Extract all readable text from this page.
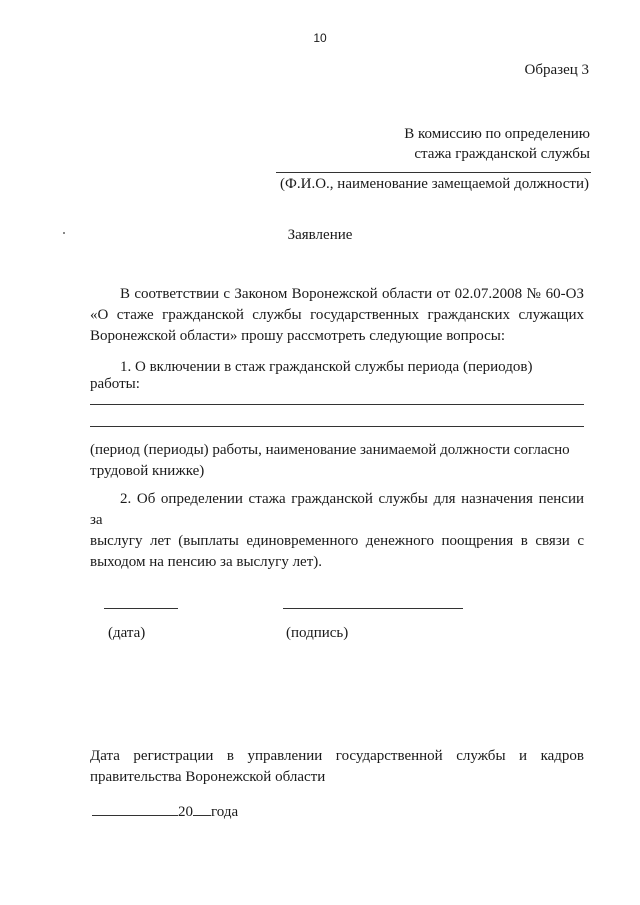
10
Образец 3
В комиссию по определению
стажа гражданской службы
(Ф.И.О., наименование замещаемой должности)
Заявление
В соответствии с Законом Воронежской области от 02.07.2008 № 60-ОЗ
«О стаже гражданской службы государственных гражданских служащих
Воронежской области» прошу рассмотреть следующие вопросы:
1. О включении в стаж гражданской службы периода (периодов) работы:
(период (периоды) работы, наименование занимаемой должности согласно
трудовой книжке)
2. Об определении стажа гражданской службы для назначения пенсии за
выслугу лет (выплаты единовременного денежного поощрения в связи с
выходом на пенсию за выслугу лет).
(дата)	(подпись)
Дата регистрации в управлении государственной службы и кадров
правительства Воронежской области
20 года
